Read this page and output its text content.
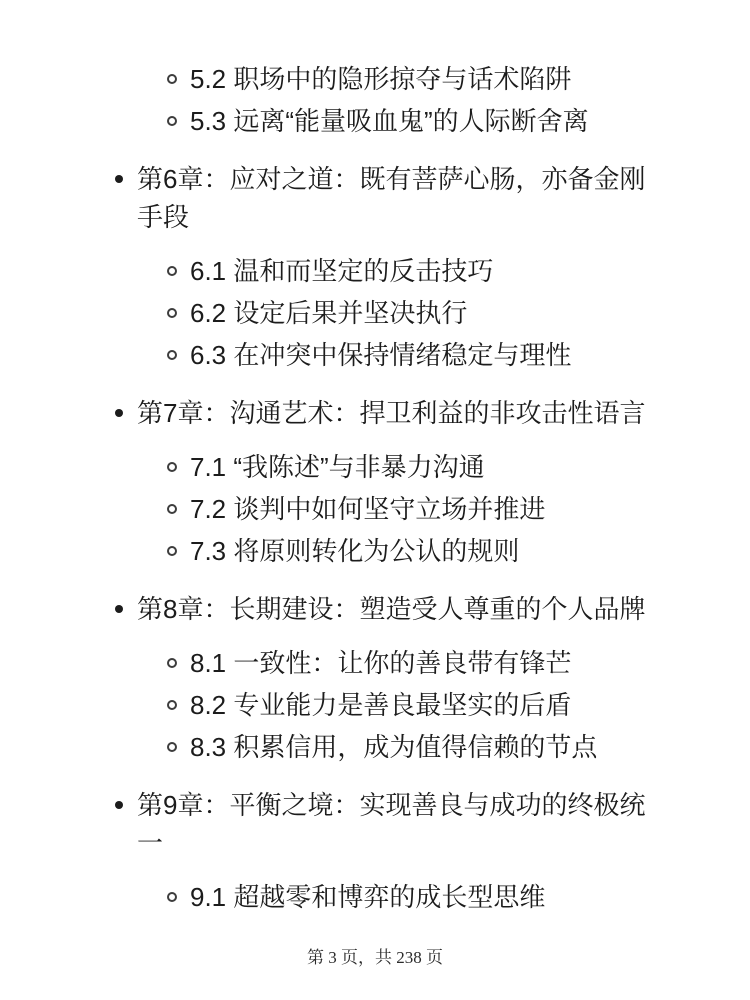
5.2 职场中的隐形掠夺与话术陷阱
5.3 远离“能量吸血鬼”的人际断舍离
第6章：应对之道：既有菩萨心肠，亦备金刚手段
6.1 温和而坚定的反击技巧
6.2 设定后果并坚决执行
6.3 在冲突中保持情绪稳定与理性
第7章：沟通艺术：捍卫利益的非攻击性语言
7.1 “我陈述”与非暴力沟通
7.2 谈判中如何坚守立场并推进
7.3 将原则转化为公认的规则
第8章：长期建设：塑造受人尊重的个人品牌
8.1 一致性：让你的善良带有锋芒
8.2 专业能力是善良最坚实的后盾
8.3 积累信用，成为值得信赖的节点
第9章：平衡之境：实现善良与成功的终极统一
9.1 超越零和博弈的成长型思维
第 3 页，共 238 页
